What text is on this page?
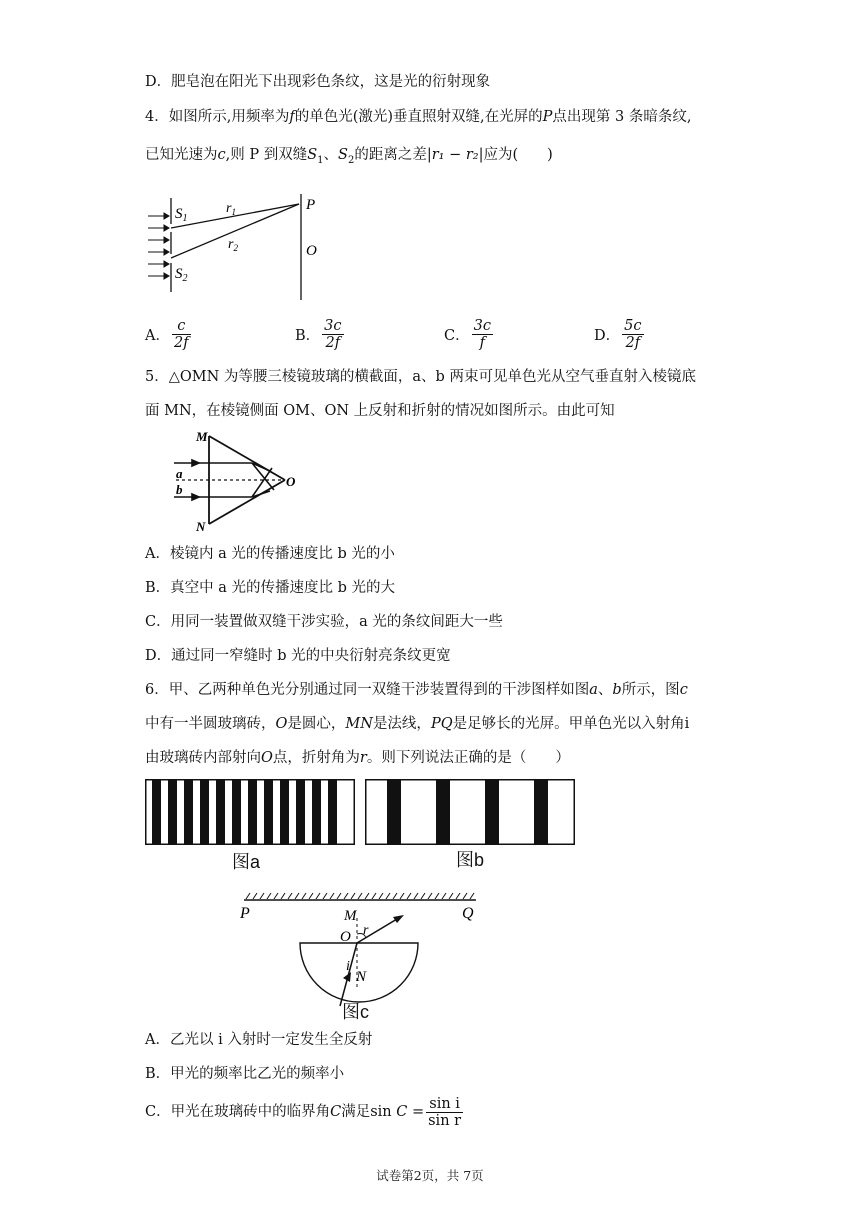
D．肥皂泡在阳光下出现彩色条纹，这是光的衍射现象
4．如图所示,用频率为f的单色光(激光)垂直照射双缝,在光屏的P点出现第 3 条暗条纹,
已知光速为c,则 P 到双缝$S_1$、$S_2$的距离之差|r₁ − r₂|应为(　　)
$S_1$
$S_2$
$r_1$
$r_2$
P
O
A． $\frac{c}{2f}$	B． $\frac{3c}{2f}$	C． $\frac{3c}{f}$	D． $\frac{5c}{2f}$
5．△OMN 为等腰三棱镜玻璃的横截面，a、b 两束可见单色光从空气垂直射入棱镜底
面 MN，在棱镜侧面 OM、ON 上反射和折射的情况如图所示。由此可知
M
N
O
a
b
A．棱镜内 a 光的传播速度比 b 光的小
B．真空中 a 光的传播速度比 b 光的大
C．用同一装置做双缝干涉实验，a 光的条纹间距大一些
D．通过同一窄缝时 b 光的中央衍射亮条纹更宽
6．甲、乙两种单色光分别通过同一双缝干涉装置得到的干涉图样如图a、b所示，图c
中有一半圆玻璃砖，O是圆心，MN是法线，PQ是足够长的光屏。甲单色光以入射角i
由玻璃砖内部射向O点，折射角为r。则下列说法正确的是（　　）
图a	图b
P	Q
M
O r
i
N
图c
A．乙光以 i 入射时一定发生全反射
B．甲光的频率比乙光的频率小
C．甲光在玻璃砖中的临界角C满足$\sin C = \frac{\text{sin i}}{\text{sin r}}$
试卷第2页，共 7页
